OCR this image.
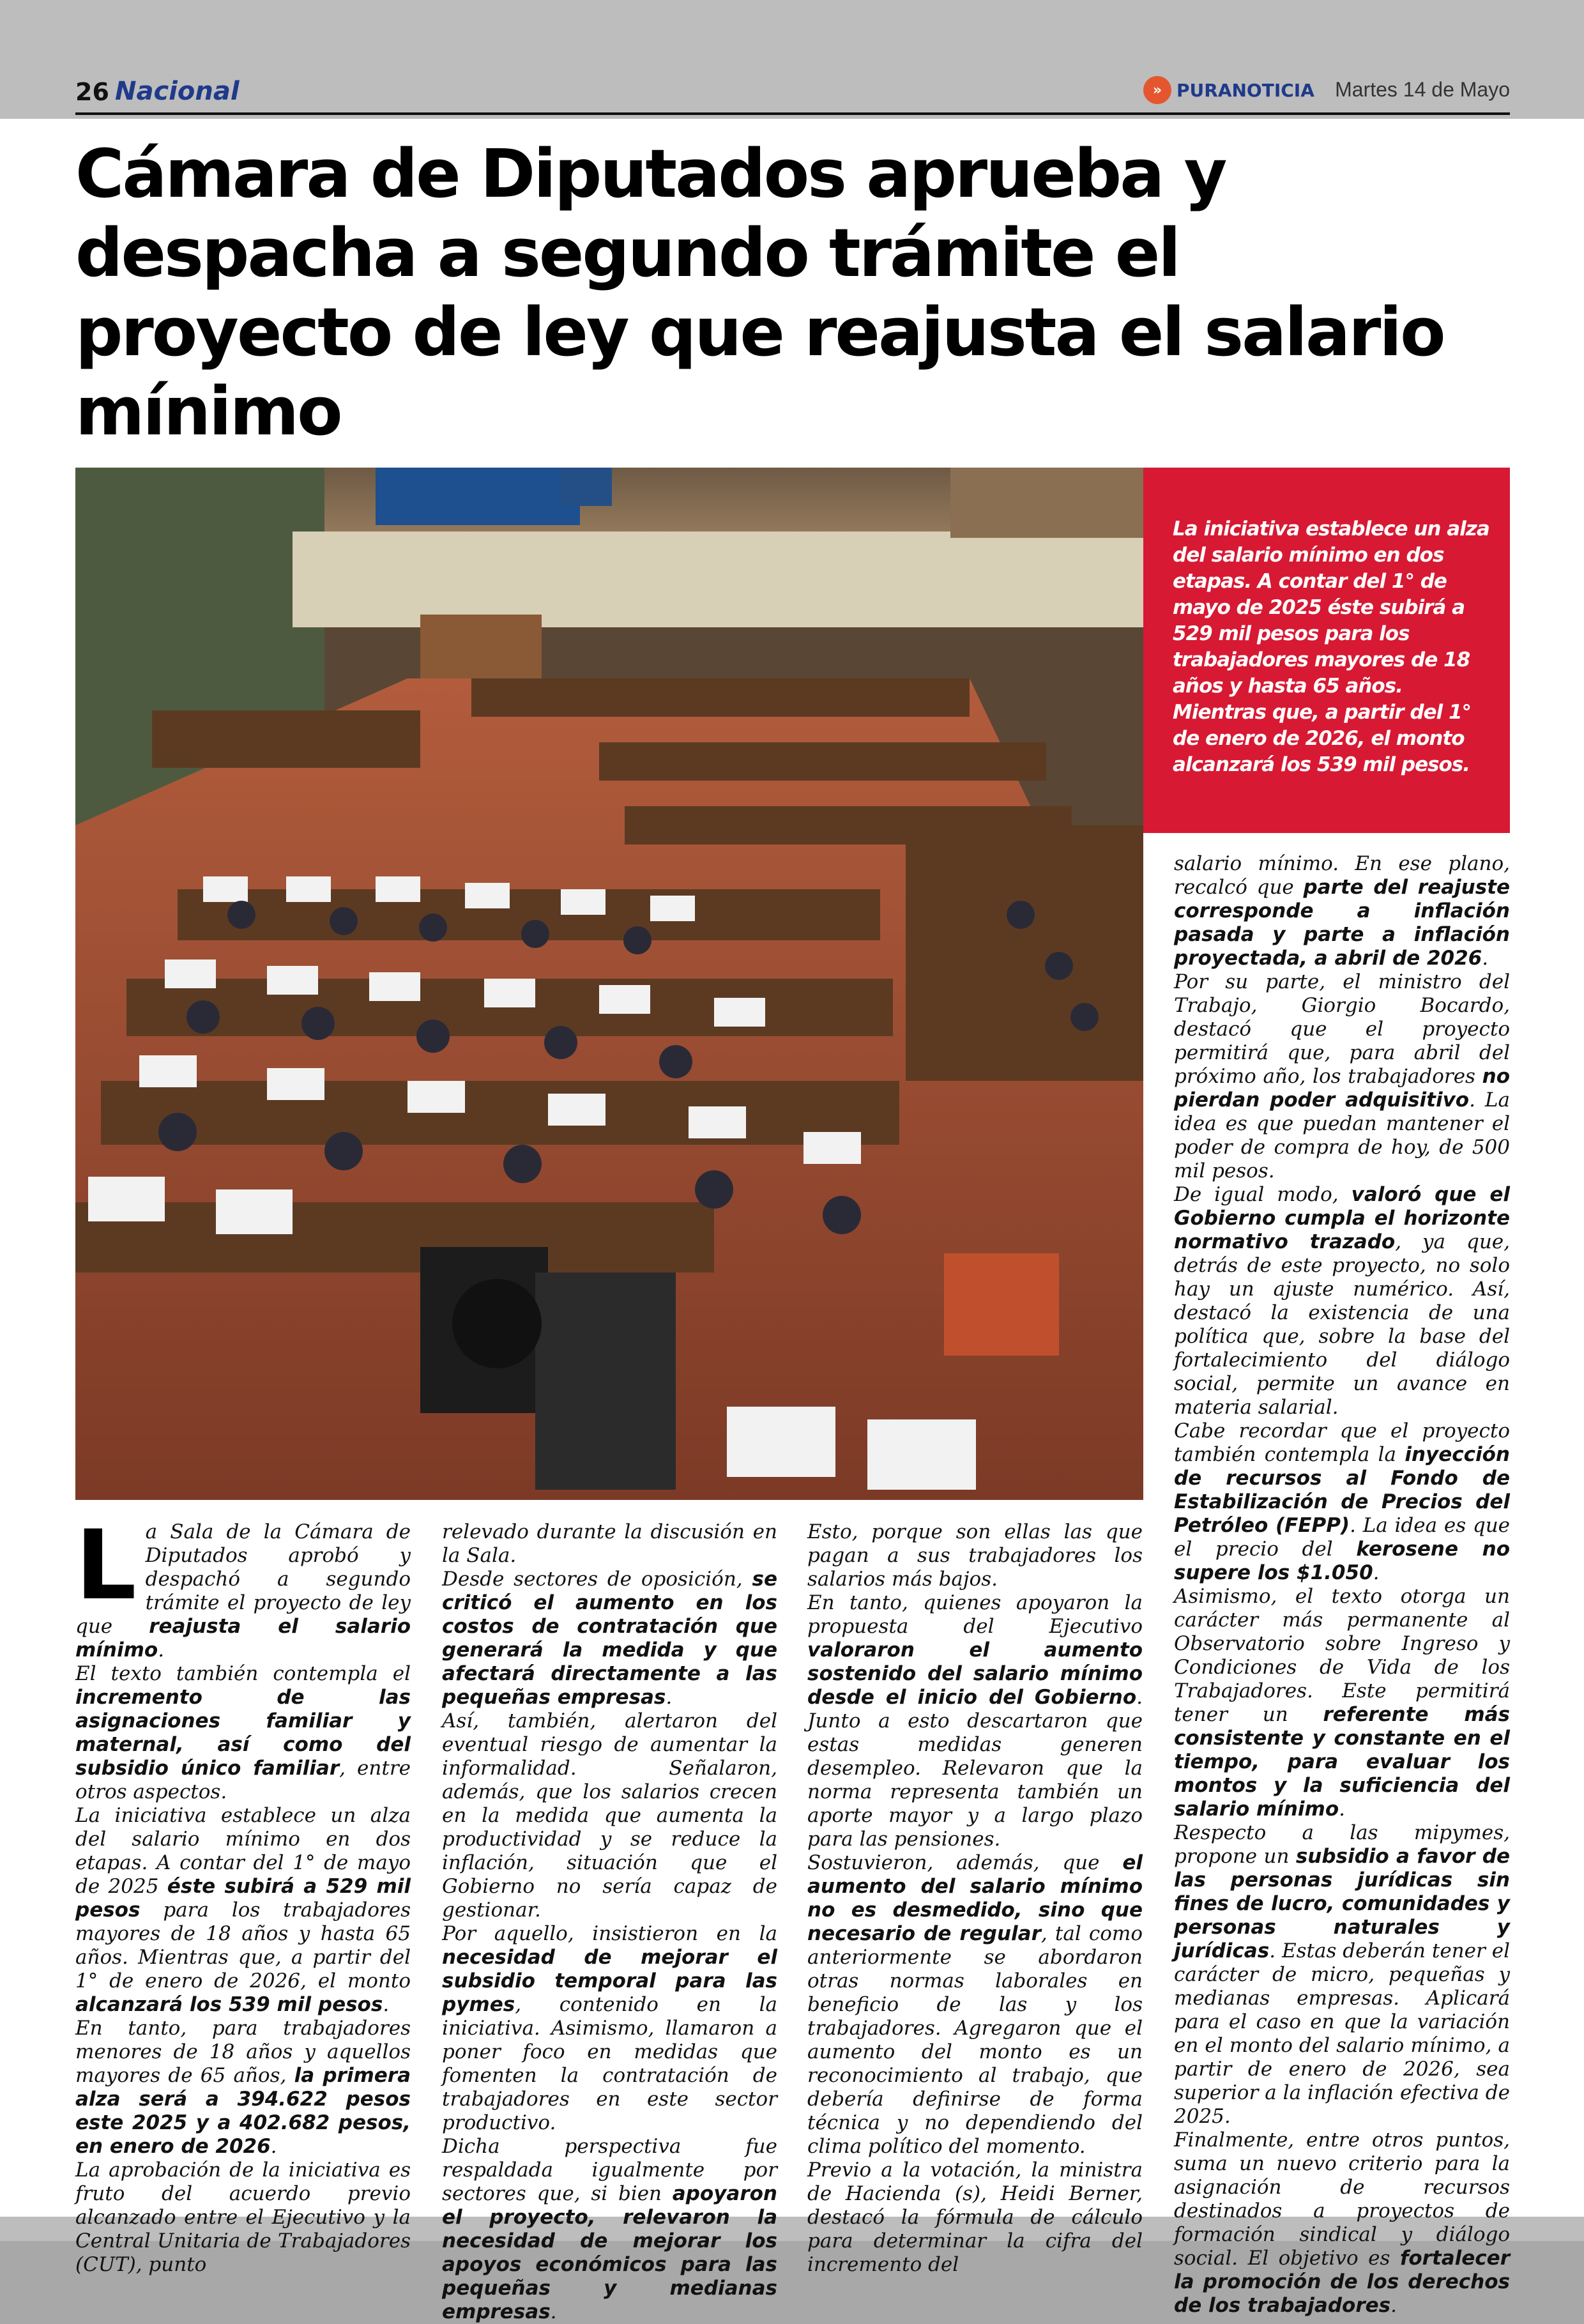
26 Nacional	» PURANOTICIA Martes 14 de Mayo
Cámara de Diputados aprueba y despacha a segundo trámite el proyecto de ley que reajusta el salario mínimo

La iniciativa establece un alza del salario mínimo en dos etapas. A contar del 1° de mayo de 2025 éste subirá a 529 mil pesos para los trabajadores mayores de 18 años y hasta 65 años. Mientras que, a partir del 1° de enero de 2026, el monto alcanzará los 539 mil pesos.

La Sala de la Cámara de Diputados aprobó y despachó a segundo trámite el proyecto de ley que reajusta el salario mínimo.

El texto también contempla el incremento de las asignaciones familiar y maternal, así como del subsidio único familiar, entre otros aspectos.

La iniciativa establece un alza del salario mínimo en dos etapas. A contar del 1° de mayo de 2025 éste subirá a 529 mil pesos para los trabajadores mayores de 18 años y hasta 65 años. Mientras que, a partir del 1° de enero de 2026, el monto alcanzará los 539 mil pesos.

En tanto, para trabajadores menores de 18 años y aquellos mayores de 65 años, la primera alza será a 394.622 pesos este 2025 y a 402.682 pesos, en enero de 2026.

La aprobación de la iniciativa es fruto del acuerdo previo alcanzado entre el Ejecutivo y la Central Unitaria de Trabajadores (CUT), punto

relevado durante la discusión en la Sala.

Desde sectores de oposición, se criticó el aumento en los costos de contratación que generará la medida y que afectará directamente a las pequeñas empresas.

Así, también, alertaron del eventual riesgo de aumentar la informalidad. Señalaron, además, que los salarios crecen en la medida que aumenta la productividad y se reduce la inflación, situación que el Gobierno no sería capaz de gestionar.

Por aquello, insistieron en la necesidad de mejorar el subsidio temporal para las pymes, contenido en la iniciativa. Asimismo, llamaron a poner foco en medidas que fomenten la contratación de trabajadores en este sector productivo.

Dicha perspectiva fue respaldada igualmente por sectores que, si bien apoyaron el proyecto, relevaron la necesidad de mejorar los apoyos económicos para las pequeñas y medianas empresas.

Esto, porque son ellas las que pagan a sus trabajadores los salarios más bajos.

En tanto, quienes apoyaron la propuesta del Ejecutivo valoraron el aumento sostenido del salario mínimo desde el inicio del Gobierno. Junto a esto descartaron que estas medidas generen desempleo. Relevaron que la norma representa también un aporte mayor y a largo plazo para las pensiones.

Sostuvieron, además, que el aumento del salario mínimo no es desmedido, sino que necesario de regular, tal como anteriormente se abordaron otras normas laborales en beneficio de las y los trabajadores. Agregaron que el aumento del monto es un reconocimiento al trabajo, que debería definirse de forma técnica y no dependiendo del clima político del momento.

Previo a la votación, la ministra de Hacienda (s), Heidi Berner, destacó la fórmula de cálculo para determinar la cifra del incremento del

salario mínimo. En ese plano, recalcó que parte del reajuste corresponde a inflación pasada y parte a inflación proyectada, a abril de 2026.

Por su parte, el ministro del Trabajo, Giorgio Bocardo, destacó que el proyecto permitirá que, para abril del próximo año, los trabajadores no pierdan poder adquisitivo. La idea es que puedan mantener el poder de compra de hoy, de 500 mil pesos.

De igual modo, valoró que el Gobierno cumpla el horizonte normativo trazado, ya que, detrás de este proyecto, no solo hay un ajuste numérico. Así, destacó la existencia de una política que, sobre la base del fortalecimiento del diálogo social, permite un avance en materia salarial.

Cabe recordar que el proyecto también contempla la inyección de recursos al Fondo de Estabilización de Precios del Petróleo (FEPP). La idea es que el precio del kerosene no supere los $1.050.

Asimismo, el texto otorga un carácter más permanente al Observatorio sobre Ingreso y Condiciones de Vida de los Trabajadores. Este permitirá tener un referente más consistente y constante en el tiempo, para evaluar los montos y la suficiencia del salario mínimo.

Respecto a las mipymes, propone un subsidio a favor de las personas jurídicas sin fines de lucro, comunidades y personas naturales y jurídicas. Estas deberán tener el carácter de micro, pequeñas y medianas empresas. Aplicará para el caso en que la variación en el monto del salario mínimo, a partir de enero de 2026, sea superior a la inflación efectiva de 2025.

Finalmente, entre otros puntos, suma un nuevo criterio para la asignación de recursos destinados a proyectos de formación sindical y diálogo social. El objetivo es fortalecer la promoción de los derechos de los trabajadores.
